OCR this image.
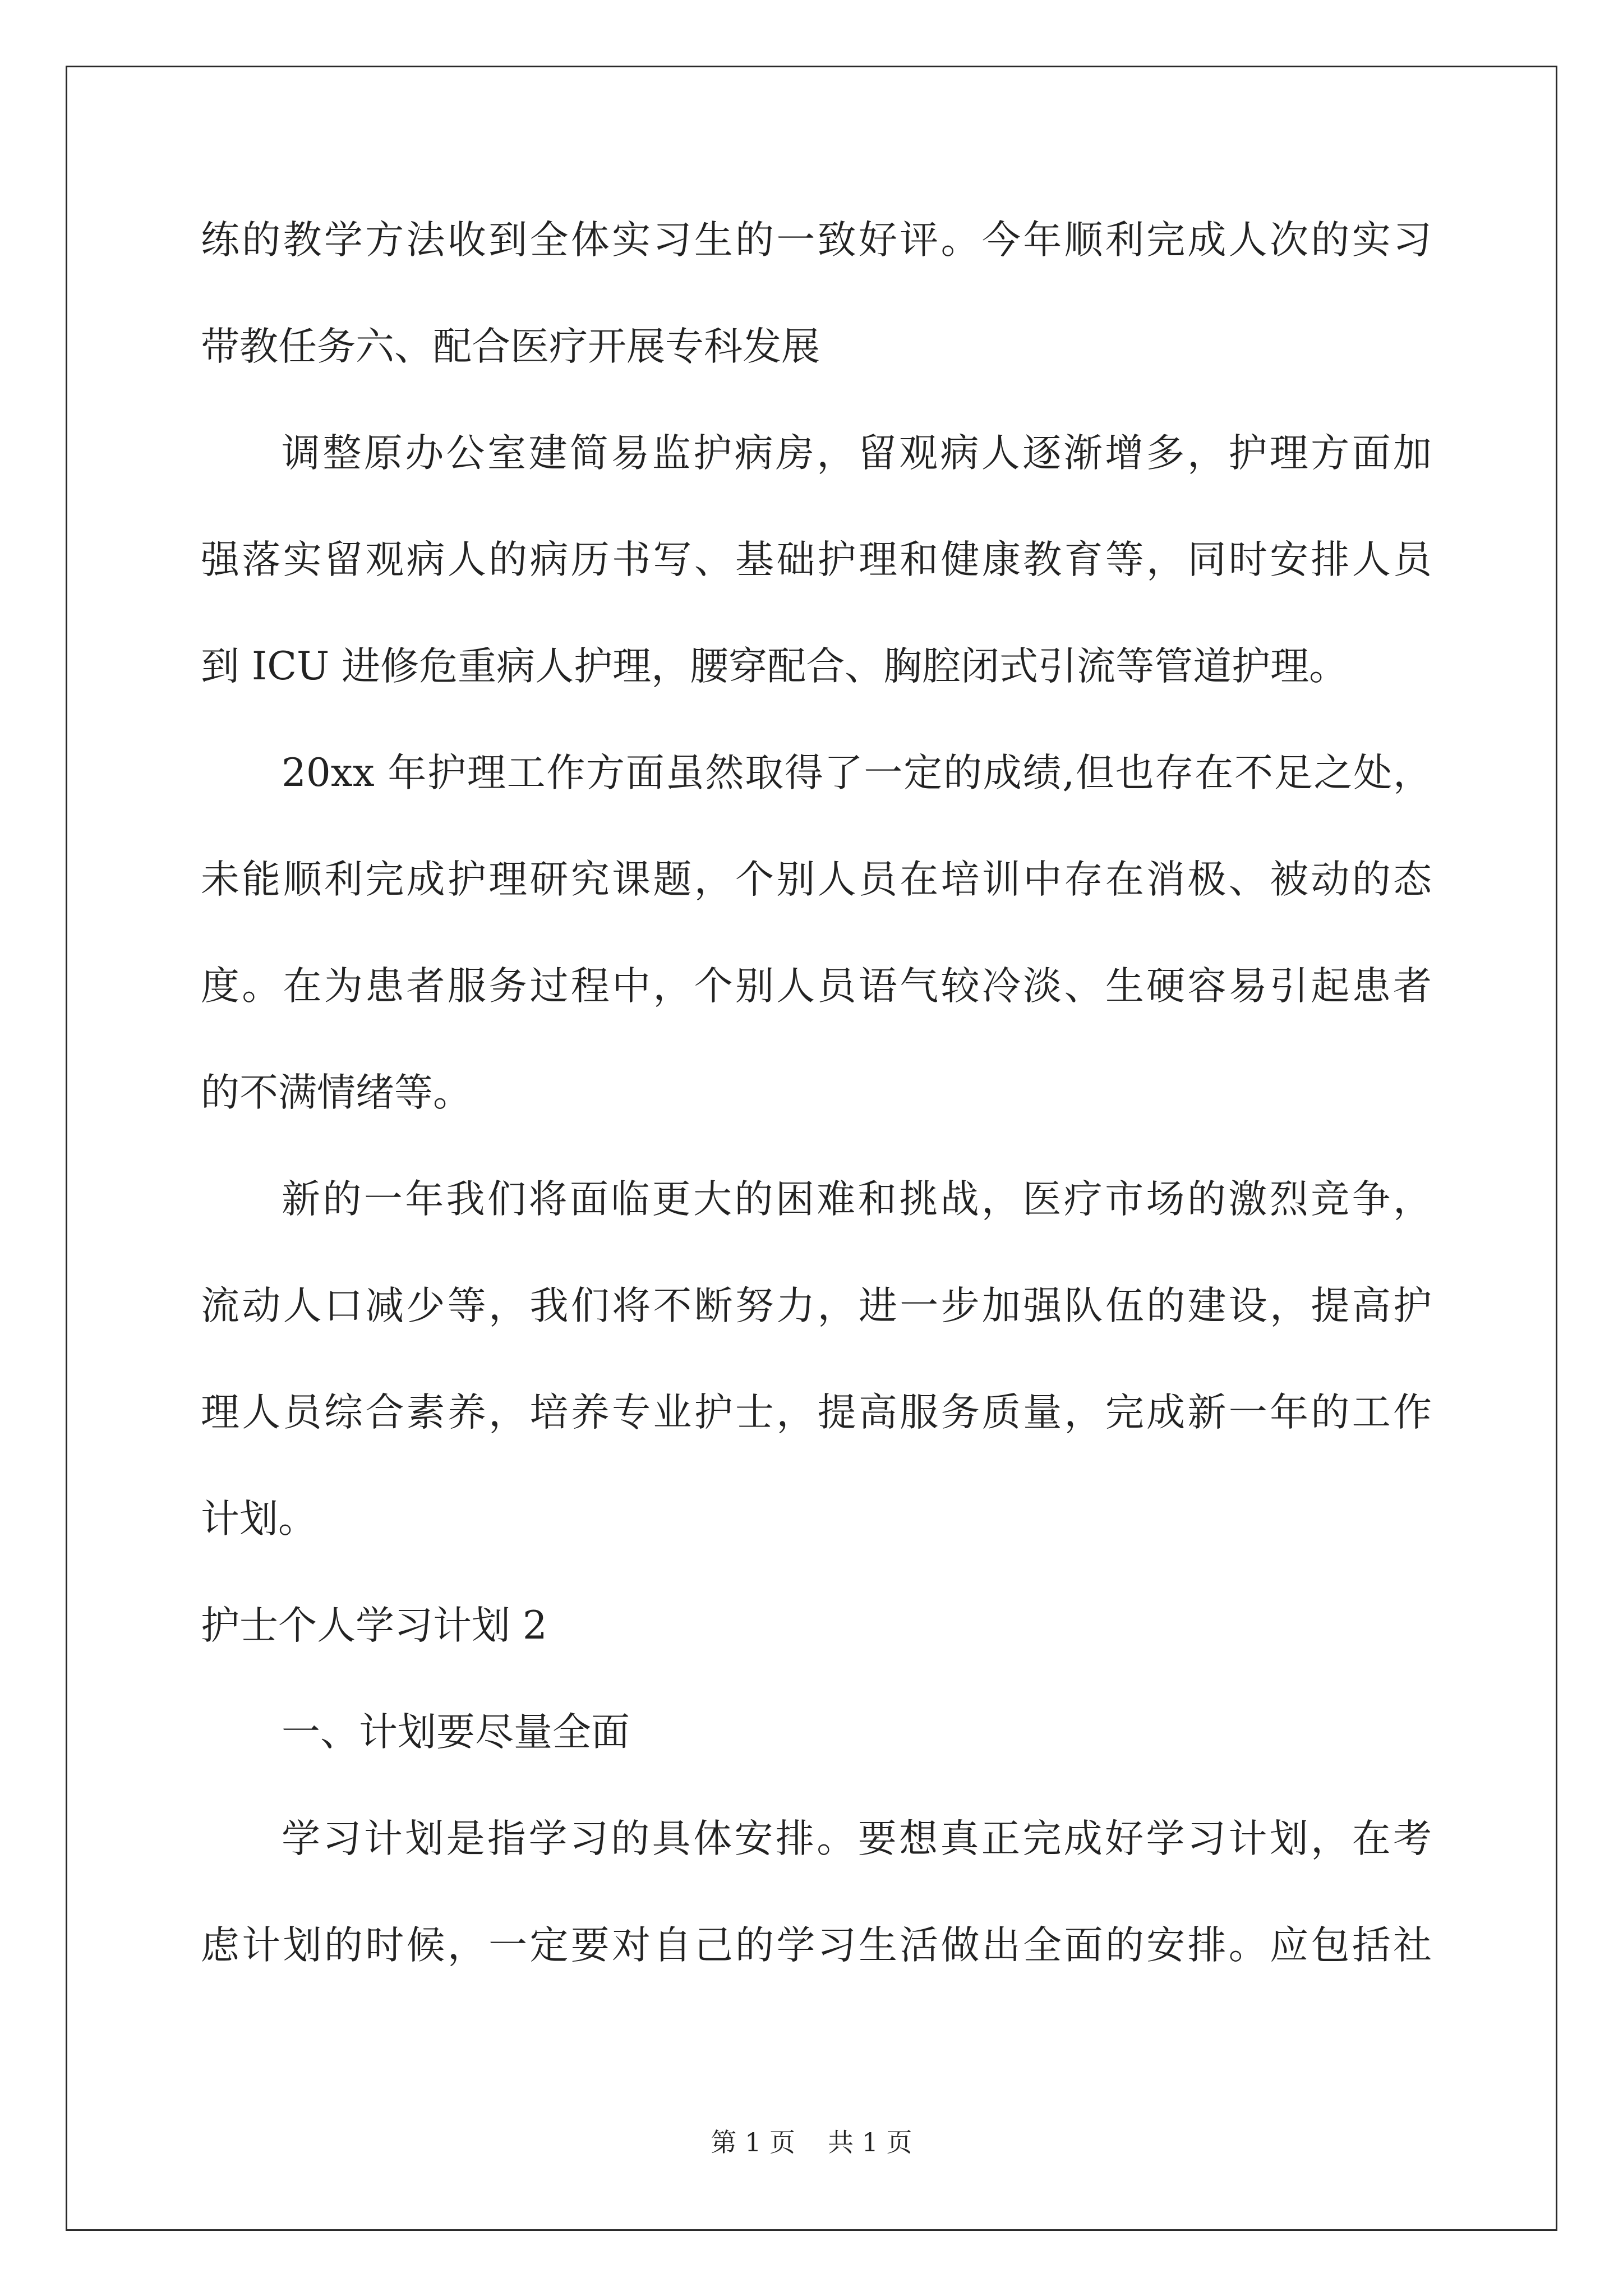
练的教学方法收到全体实习生的一致好评。今年顺利完成人次的实习
带教任务六、配合医疗开展专科发展
调整原办公室建简易监护病房，留观病人逐渐增多，护理方面加
强落实留观病人的病历书写、基础护理和健康教育等，同时安排人员
到 ICU 进修危重病人护理，腰穿配合、胸腔闭式引流等管道护理。
20xx 年护理工作方面虽然取得了一定的成绩,但也存在不足之处，
未能顺利完成护理研究课题，个别人员在培训中存在消极、被动的态
度。在为患者服务过程中，个别人员语气较冷淡、生硬容易引起患者
的不满情绪等。
新的一年我们将面临更大的困难和挑战，医疗市场的激烈竞争，
流动人口减少等，我们将不断努力，进一步加强队伍的建设，提高护
理人员综合素养，培养专业护士，提高服务质量，完成新一年的工作
计划。
护士个人学习计划 2
一、计划要尽量全面
学习计划是指学习的具体安排。要想真正完成好学习计划，在考
虑计划的时候，一定要对自己的学习生活做出全面的安排。应包括社
第 1 页 共 1 页
